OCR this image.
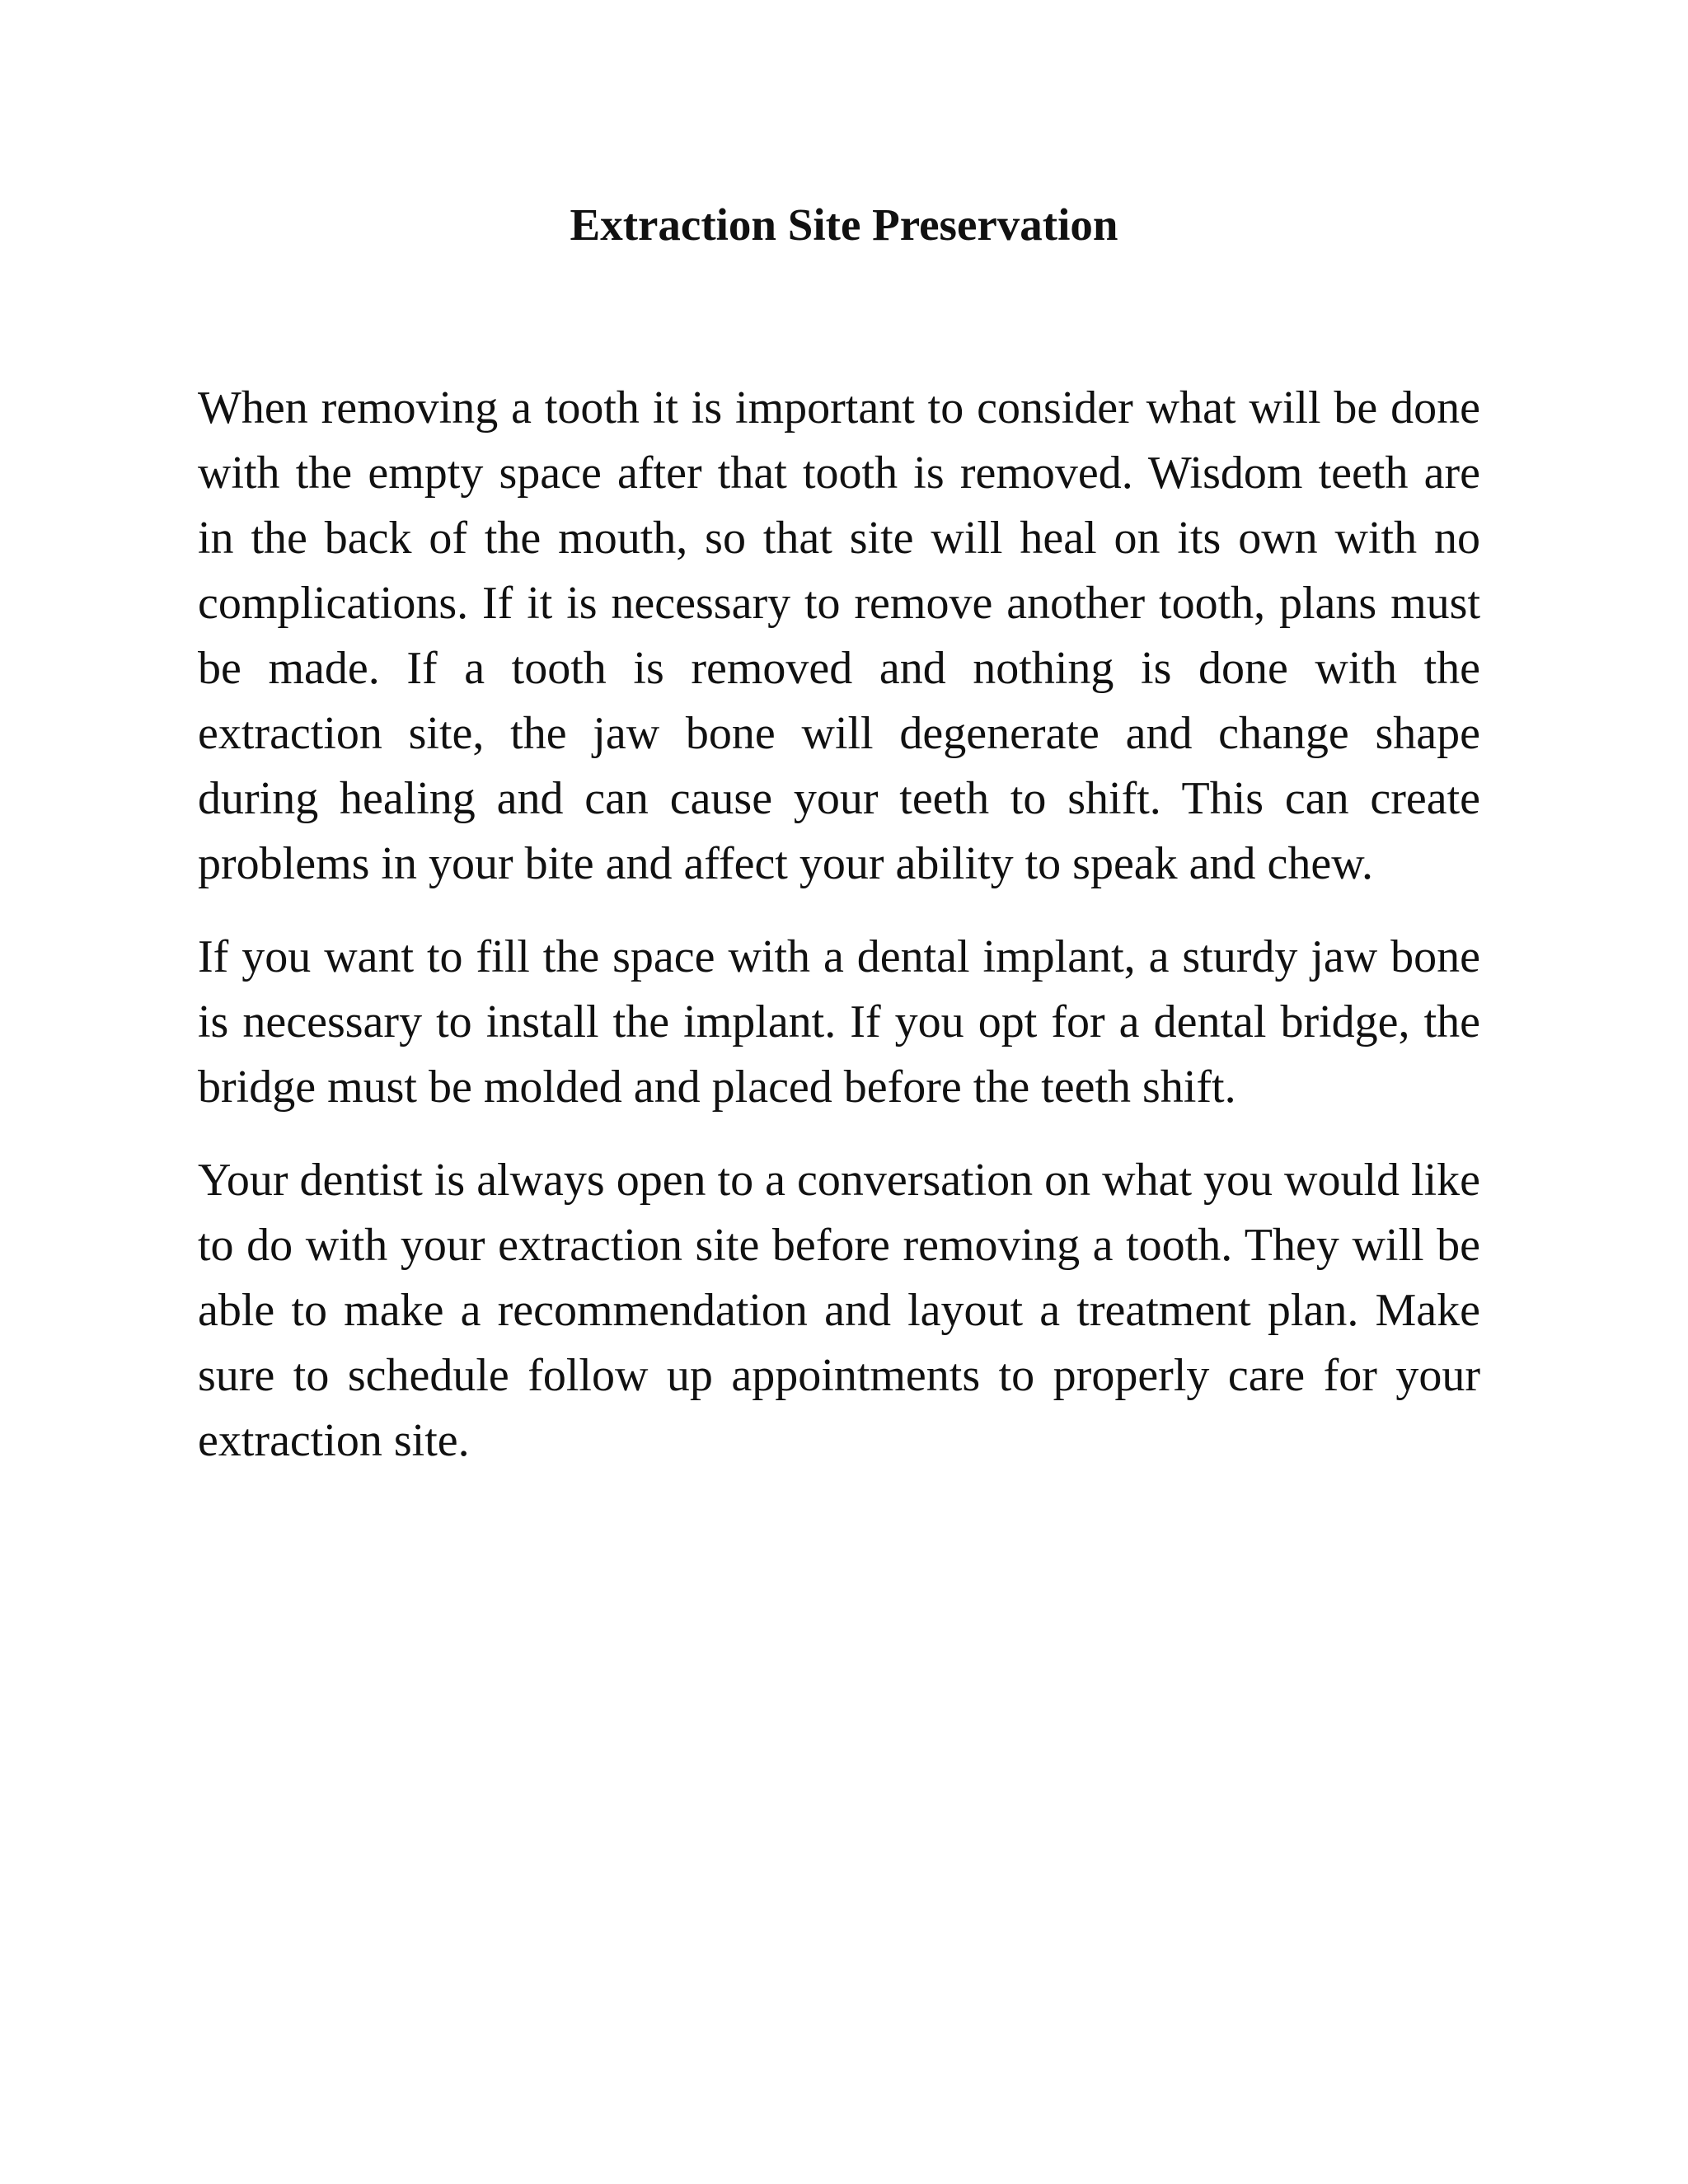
Extraction Site Preservation

When removing a tooth it is important to consider what will be done with the empty space after that tooth is removed. Wisdom teeth are in the back of the mouth, so that site will heal on its own with no complications. If it is necessary to remove another tooth, plans must be made. If a tooth is removed and nothing is done with the extraction site, the jaw bone will degenerate and change shape during healing and can cause your teeth to shift. This can create problems in your bite and affect your ability to speak and chew.

If you want to fill the space with a dental implant, a sturdy jaw bone is necessary to install the implant. If you opt for a dental bridge, the bridge must be molded and placed before the teeth shift.

Your dentist is always open to a conversation on what you would like to do with your extraction site before removing a tooth. They will be able to make a recommendation and layout a treatment plan. Make sure to schedule follow up appointments to properly care for your extraction site.
